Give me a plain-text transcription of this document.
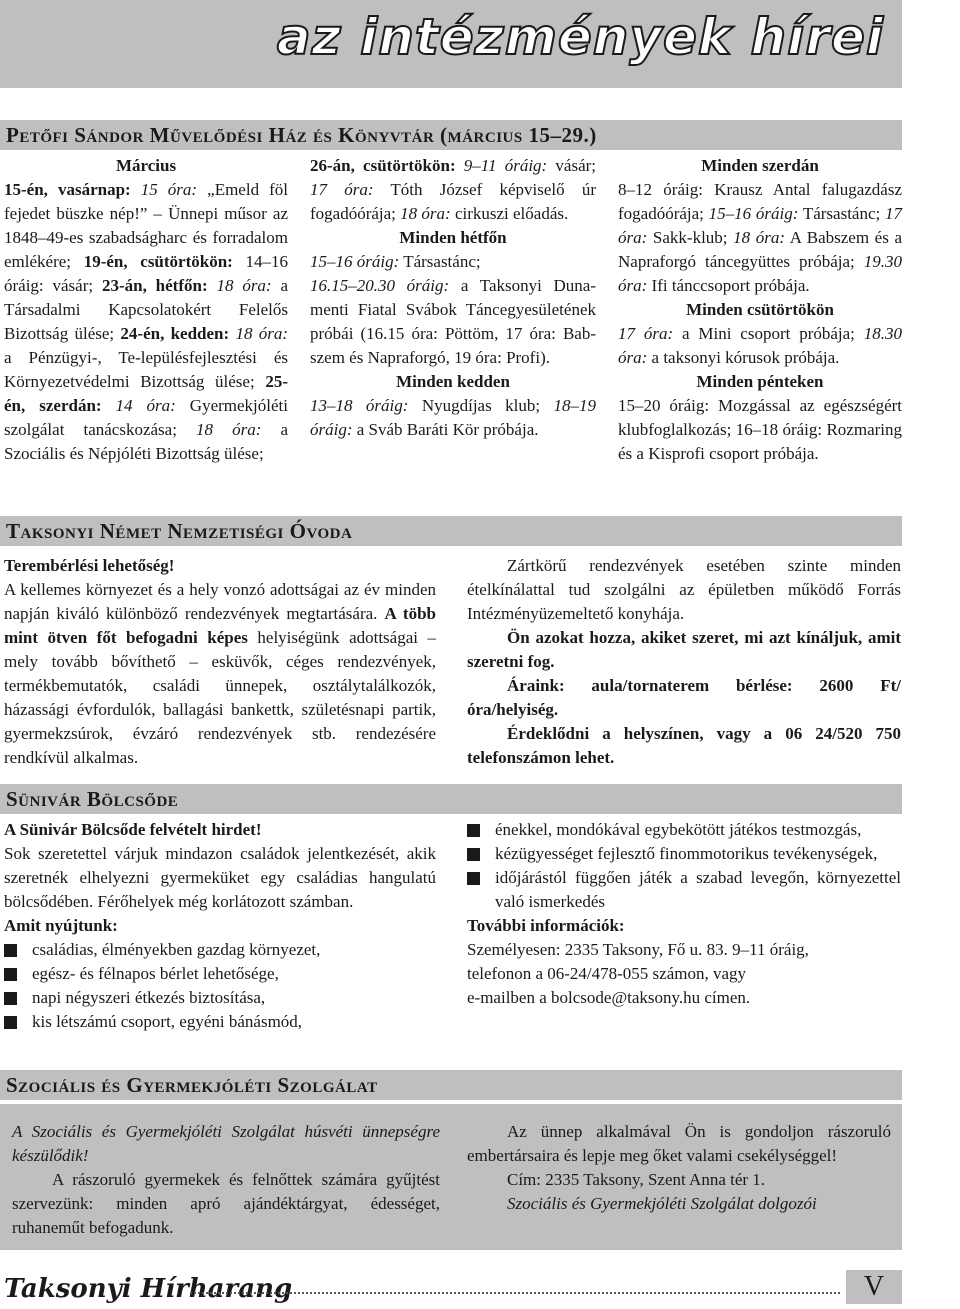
az intézmények hírei
Petőfi Sándor Művelődési Ház és Könyvtár (március 15–29.)

Március

15-én, vasárnap: 15 óra: „Emeld föl fejedet büszke nép!” – Ünnepi műsor az 1848–49-es szabadságharc és forradalom emlékére; 19-én, csütörtökön: 14–16 óráig: vásár; 23-án, hétfőn: 18 óra: a Társadalmi Kapcsolatokért Felelős Bizottság ülése; 24-én, kedden: 18 óra: a Pénzügyi-, Te-lepülésfejlesztési és Környezetvédelmi Bizottság ülése; 25-én, szerdán: 14 óra: Gyermekjóléti szolgálat tanácskozása; 18 óra: a Szociális és Népjóléti Bizottság ülése;

26-án, csütörtökön: 9–11 óráig: vásár; 17 óra: Tóth József képviselő úr fogadóórája; 18 óra: cirkuszi előadás.

Minden hétfőn

15–16 óráig: Társastánc;

16.15–20.30 óráig: a Taksonyi Duna-menti Fiatal Svábok Táncegyesületének próbái (16.15 óra: Pöttöm, 17 óra: Bab-szem és Napraforgó, 19 óra: Profi).

Minden kedden

13–18 óráig: Nyugdíjas klub; 18–19 óráig: a Sváb Baráti Kör próbája.

Minden szerdán

8–12 óráig: Krausz Antal falugazdász fogadóórája; 15–16 óráig: Társastánc; 17 óra: Sakk-klub; 18 óra: A Babszem és a Napraforgó táncegyüttes próbája; 19.30 óra: Ifi tánccsoport próbája.

Minden csütörtökön

17 óra: a Mini csoport próbája; 18.30 óra: a taksonyi kórusok próbája.

Minden pénteken

15–20 óráig: Mozgással az egészségért klubfoglalkozás; 16–18 óráig: Rozmaring és a Kisprofi csoport próbája.

Taksonyi Német Nemzetiségi Óvoda

Terembérlési lehetőség!

A kellemes környezet és a hely vonzó adottságai az év minden napján kiváló különböző rendezvények megtartására. A több mint ötven főt befogadni képes helyiségünk adottságai – mely tovább bővíthető – esküvők, céges rendezvények, termékbemutatók, családi ünnepek, osztálytalálkozók, házassági évfordulók, ballagási bankettk, születésnapi partik, gyermekzsúrok, évzáró rendezvények stb. rendezésére rendkívül alkalmas.

Zártkörű rendezvények esetében szinte minden ételkínálattal tud szolgálni az épületben működő Forrás Intézményüzemeltető konyhája.

Ön azokat hozza, akiket szeret, mi azt kínáljuk, amit szeretni fog.

Áraink: aula/tornaterem bérlése: 2600 Ft/óra/helyiség.

Érdeklődni a helyszínen, vagy a 06 24/520 750 telefonszámon lehet.

Sünivár Bölcsőde

A Sünivár Bölcsőde felvételt hirdet!

Sok szeretettel várjuk mindazon családok jelentkezését, akik szeretnék elhelyezni gyermeküket egy családias hangulatú bölcsődében. Férőhelyek még korlátozott számban.

Amit nyújtunk:

családias, élményekben gazdag környezet,

egész- és félnapos bérlet lehetősége,

napi négyszeri étkezés biztosítása,

kis létszámú csoport, egyéni bánásmód,

énekkel, mondókával egybekötött játékos testmozgás,

kézügyességet fejlesztő finommotorikus tevékenységek,

időjárástól függően játék a szabad levegőn, környezettel való ismerkedés

További információk:

Személyesen: 2335 Taksony, Fő u. 83. 9–11 óráig,

telefonon a 06-24/478-055 számon, vagy

e-mailben a bolcsode@taksony.hu címen.

Szociális és Gyermekjóléti Szolgálat

A Szociális és Gyermekjóléti Szolgálat húsvéti ünnepségre készülődik!

A rászoruló gyermekek és felnőttek számára gyűjtést szervezünk: minden apró ajándéktárgyat, édességet, ruhaneműt befogadunk.

Az ünnep alkalmával Ön is gondoljon rászoruló embertársaira és lepje meg őket valami csekélységgel!

Cím: 2335 Taksony, Szent Anna tér 1.

Szociális és Gyermekjóléti Szolgálat dolgozói

Taksonyi Hírharang	V
